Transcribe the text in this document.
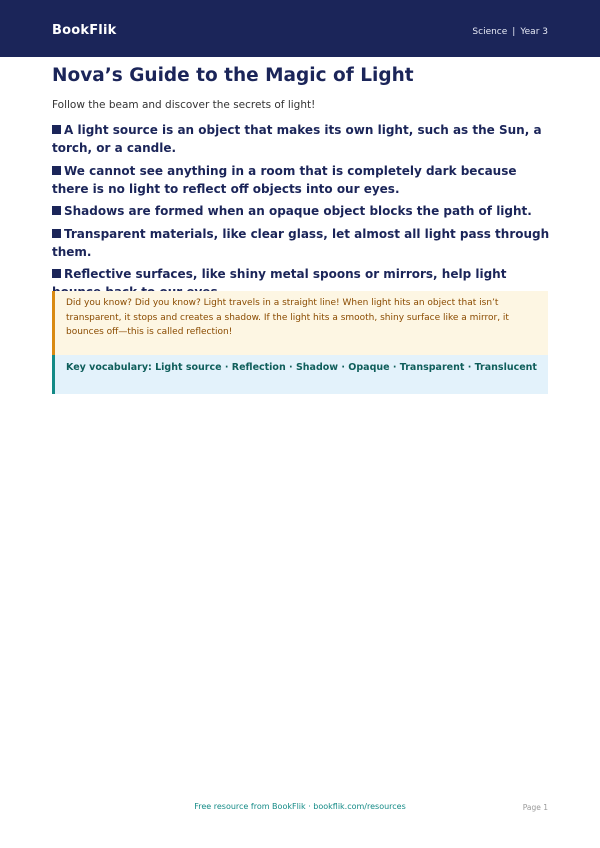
BookFlik	Science | Year 3
Nova’s Guide to the Magic of Light
Follow the beam and discover the secrets of light!
A light source is an object that makes its own light, such as the Sun, a torch, or a candle.
We cannot see anything in a room that is completely dark because there is no light to reflect off objects into our eyes.
Shadows are formed when an opaque object blocks the path of light.
Transparent materials, like clear glass, let almost all light pass through them.
Reflective surfaces, like shiny metal spoons or mirrors, help light
Did you know? Did you know? Light travels in a straight line! When light hits an object that isn’t transparent, it stops and creates a shadow. If the light hits a smooth, shiny surface like a mirror, it bounces off—this is called reflection!
Key vocabulary: Light source · Reflection · Shadow · Opaque · Transparent · Translucent
Free resource from BookFlik · bookflik.com/resources	Page 1
